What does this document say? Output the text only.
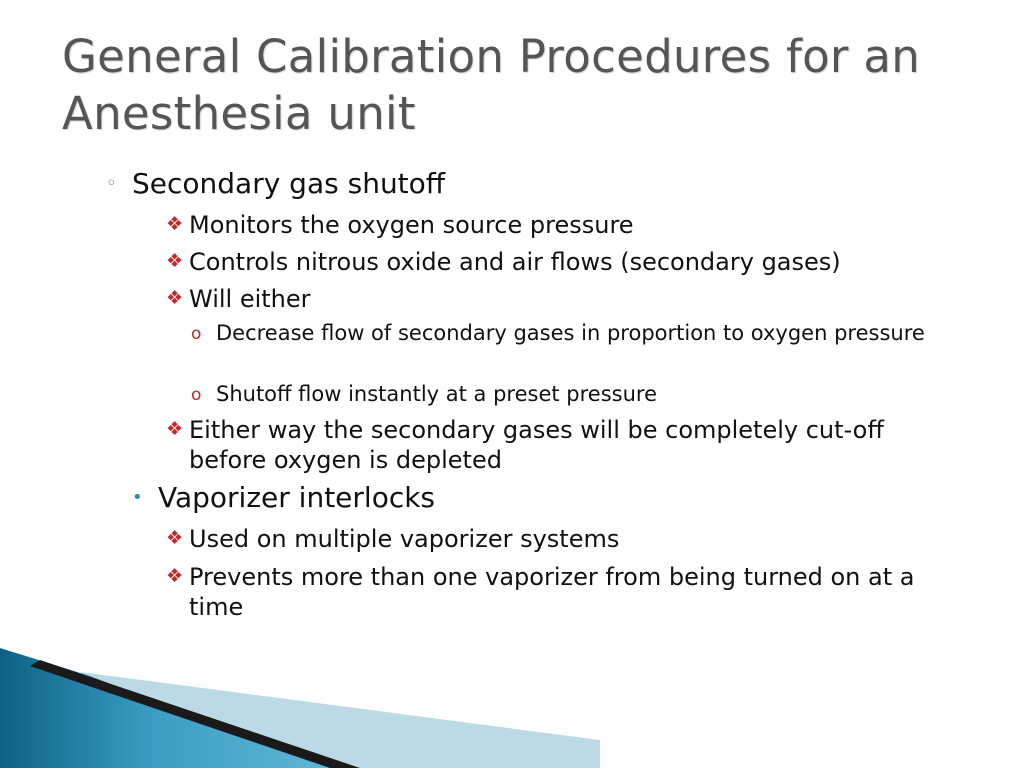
General Calibration Procedures for an Anesthesia unit
◦ Secondary gas shutoff
❖ Monitors the oxygen source pressure
❖ Controls nitrous oxide and air flows (secondary gases)
❖ Will either
o Decrease flow of secondary gases in proportion to oxygen pressure
o Shutoff flow instantly at a preset pressure
❖ Either way the secondary gases will be completely cut-off before oxygen is depleted
• Vaporizer interlocks
❖ Used on multiple vaporizer systems
❖ Prevents more than one vaporizer from being turned on at a time
